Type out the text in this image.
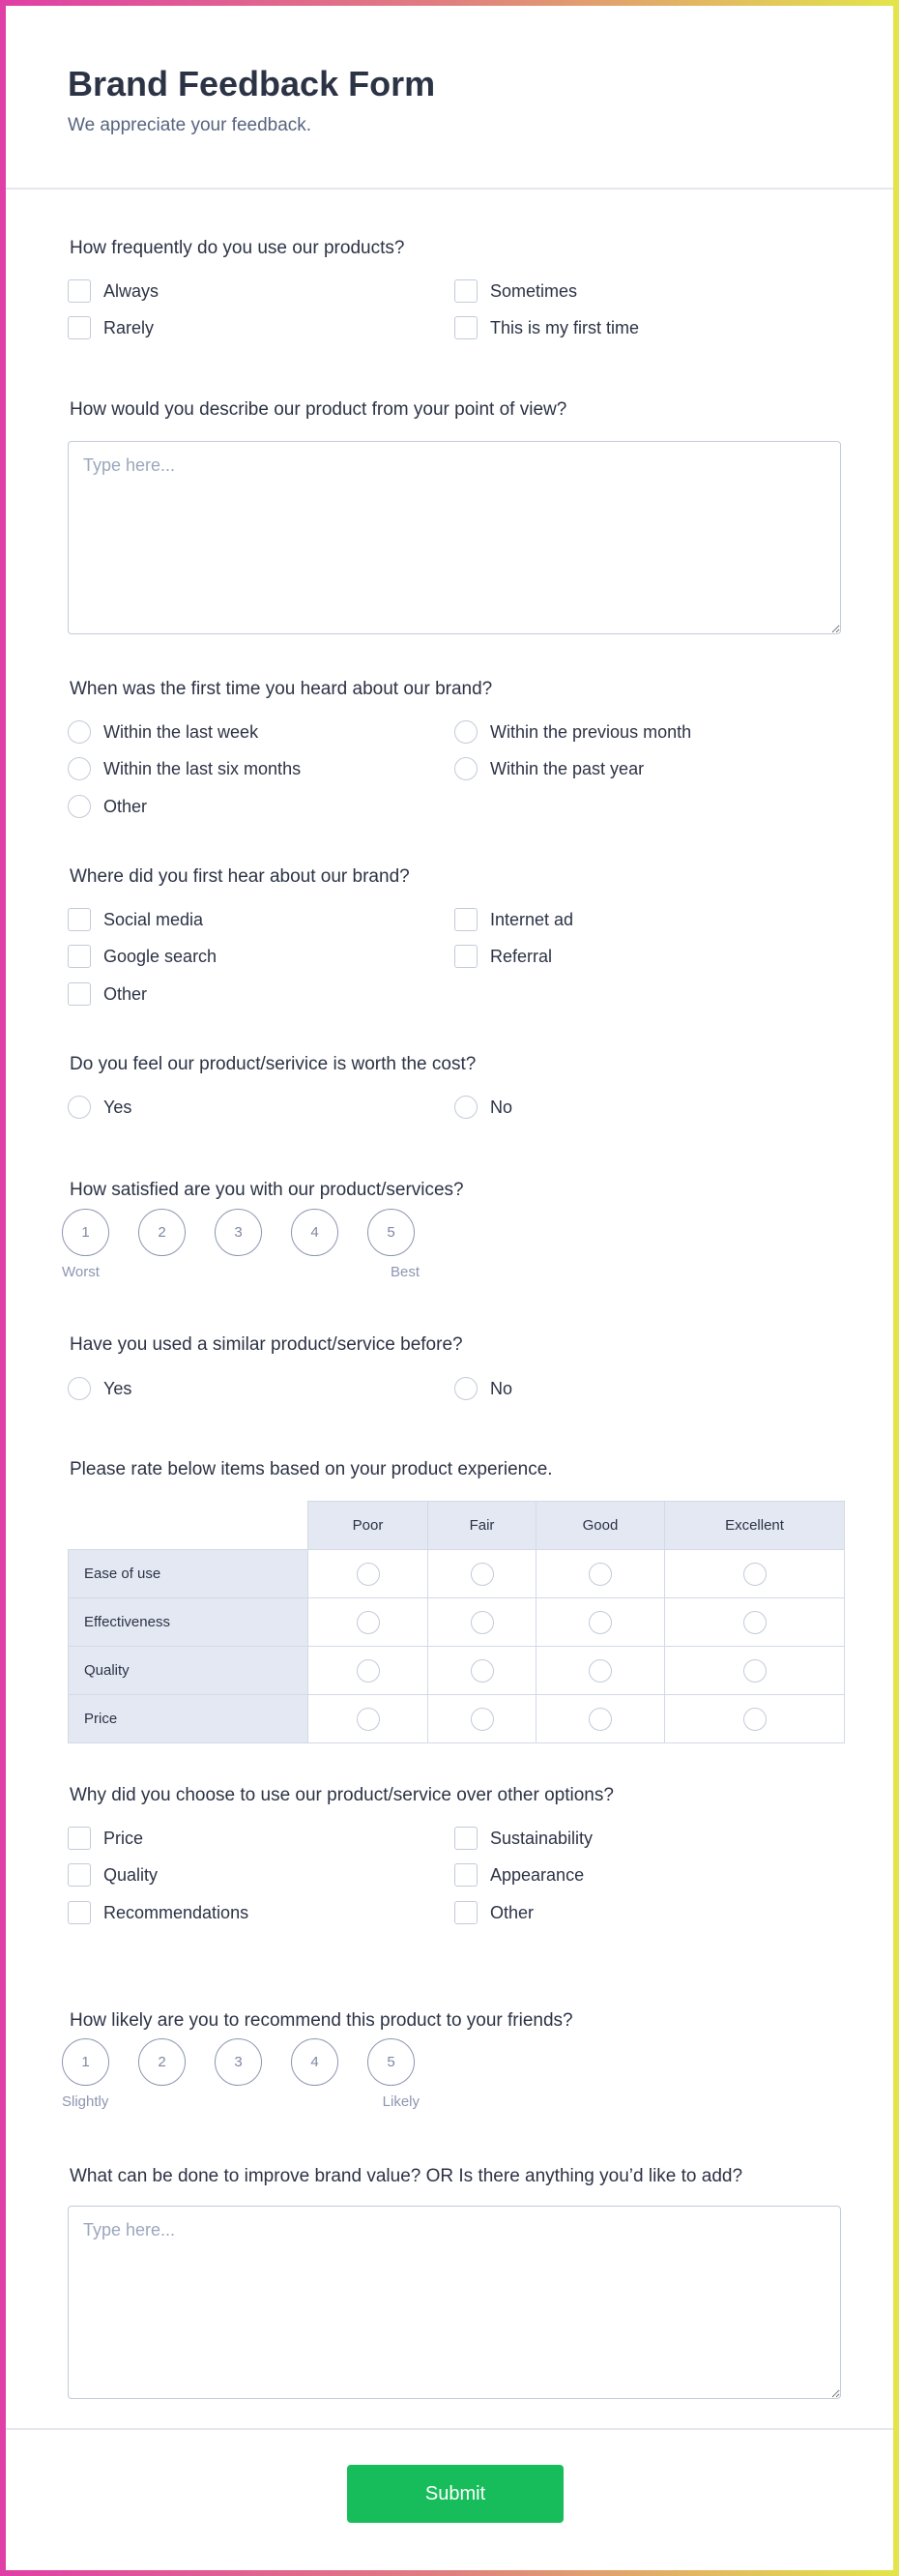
Brand Feedback Form
We appreciate your feedback.
Submit
How frequently do you use our products?
Always	Sometimes
Rarely	This is my first time
How would you describe our product from your point of view?
Type here...
When was the first time you heard about our brand?
Within the last week	Within the previous month
Within the last six months	Within the past year
Other
Where did you first hear about our brand?
Social media	Internet ad
Google search	Referral
Other
Do you feel our product/serivice is worth the cost?
Yes	No
How satisfied are you with our product/services?
1	2	3	4	5
Worst	Best
Have you used a similar product/service before?
Yes	No
Please rate below items based on your product experience.
	Poor	Fair	Good	Excellent
Ease of use				
Effectiveness				
Quality				
Price				
Why did you choose to use our product/service over other options?
Price	Sustainability
Quality	Appearance
Recommendations	Other
How likely are you to recommend this product to your friends?
1	2	3	4	5
Slightly	Likely
What can be done to improve brand value? OR Is there anything you’d like to add?
Type here...
